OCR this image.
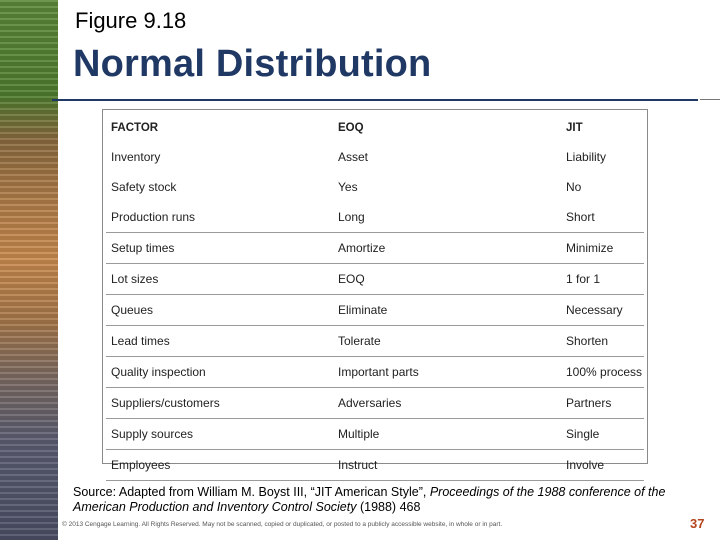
Figure 9.18
Normal Distribution
FACTOR	EOQ	JIT
Inventory	Asset	Liability
Safety stock	Yes	No
Production runs	Long	Short
Setup times	Amortize	Minimize
Lot sizes	EOQ	1 for 1
Queues	Eliminate	Necessary
Lead times	Tolerate	Shorten
Quality inspection	Important parts	100% process
Suppliers/customers	Adversaries	Partners
Supply sources	Multiple	Single
Employees	Instruct	Involve
Source: Adapted from William M. Boyst III, “JIT American Style”, Proceedings of the 1988 conference of the American Production and Inventory Control Society (1988) 468
© 2013 Cengage Learning. All Rights Reserved. May not be scanned, copied or duplicated, or posted to a publicly accessible website, in whole or in part.	37
